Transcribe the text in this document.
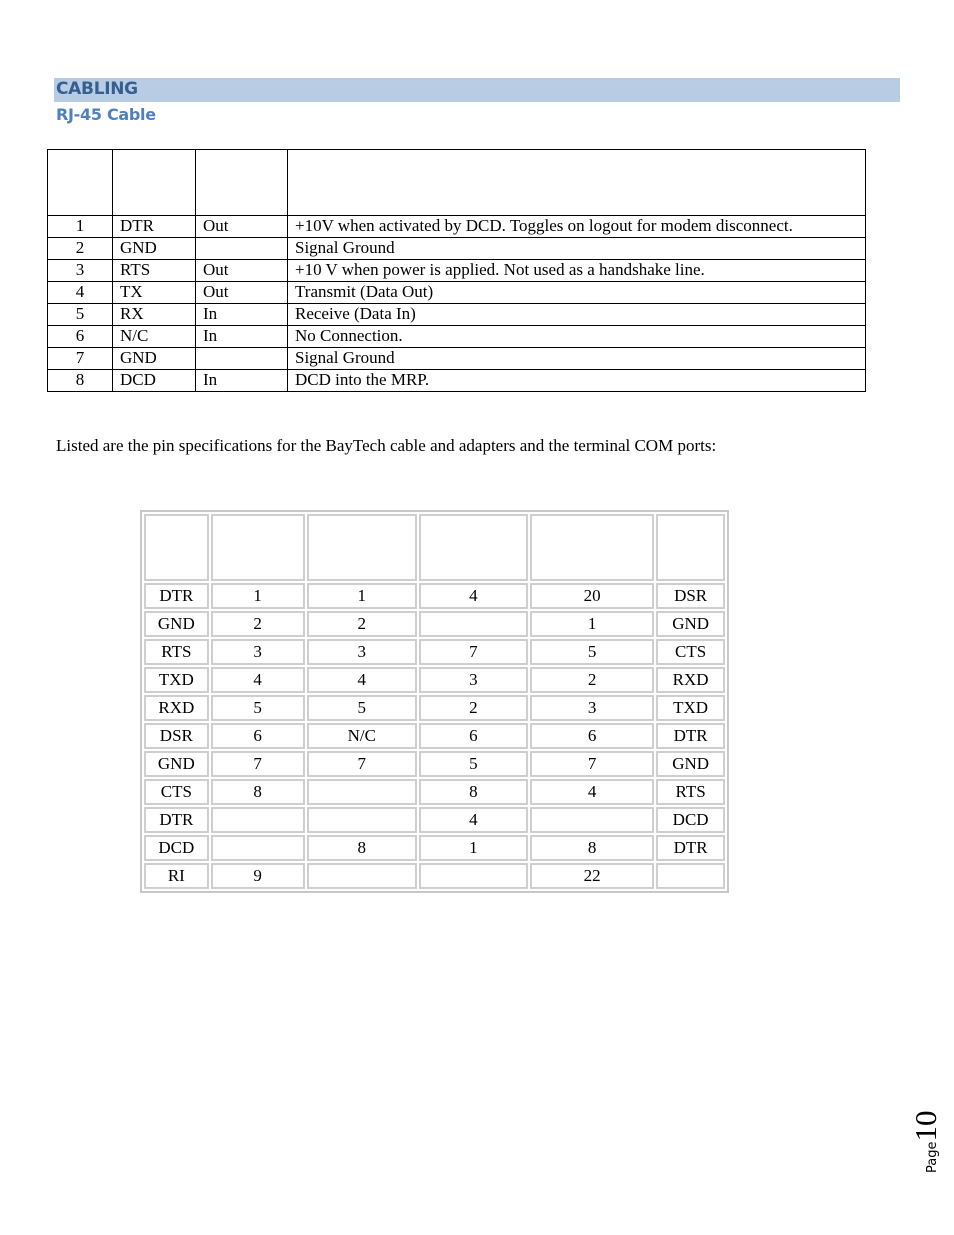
CABLING
RJ-45 Cable

1	DTR	Out	+10V when activated by DCD. Toggles on logout for modem disconnect.
2	GND		Signal Ground
3	RTS	Out	+10 V when power is applied. Not used as a handshake line.
4	TX	Out	Transmit (Data Out)
5	RX	In	Receive (Data In)
6	N/C	In	No Connection.
7	GND		Signal Ground
8	DCD	In	DCD into the MRP.
Listed are the pin specifications for the BayTech cable and adapters and the terminal COM ports:

DTR	1	1	4	20	DSR
GND	2	2		1	GND
RTS	3	3	7	5	CTS
TXD	4	4	3	2	RXD
RXD	5	5	2	3	TXD
DSR	6	N/C	6	6	DTR
GND	7	7	5	7	GND
CTS	8		8	4	RTS
DTR			4		DCD
DCD		8	1	8	DTR
RI	9			22	
Page10
